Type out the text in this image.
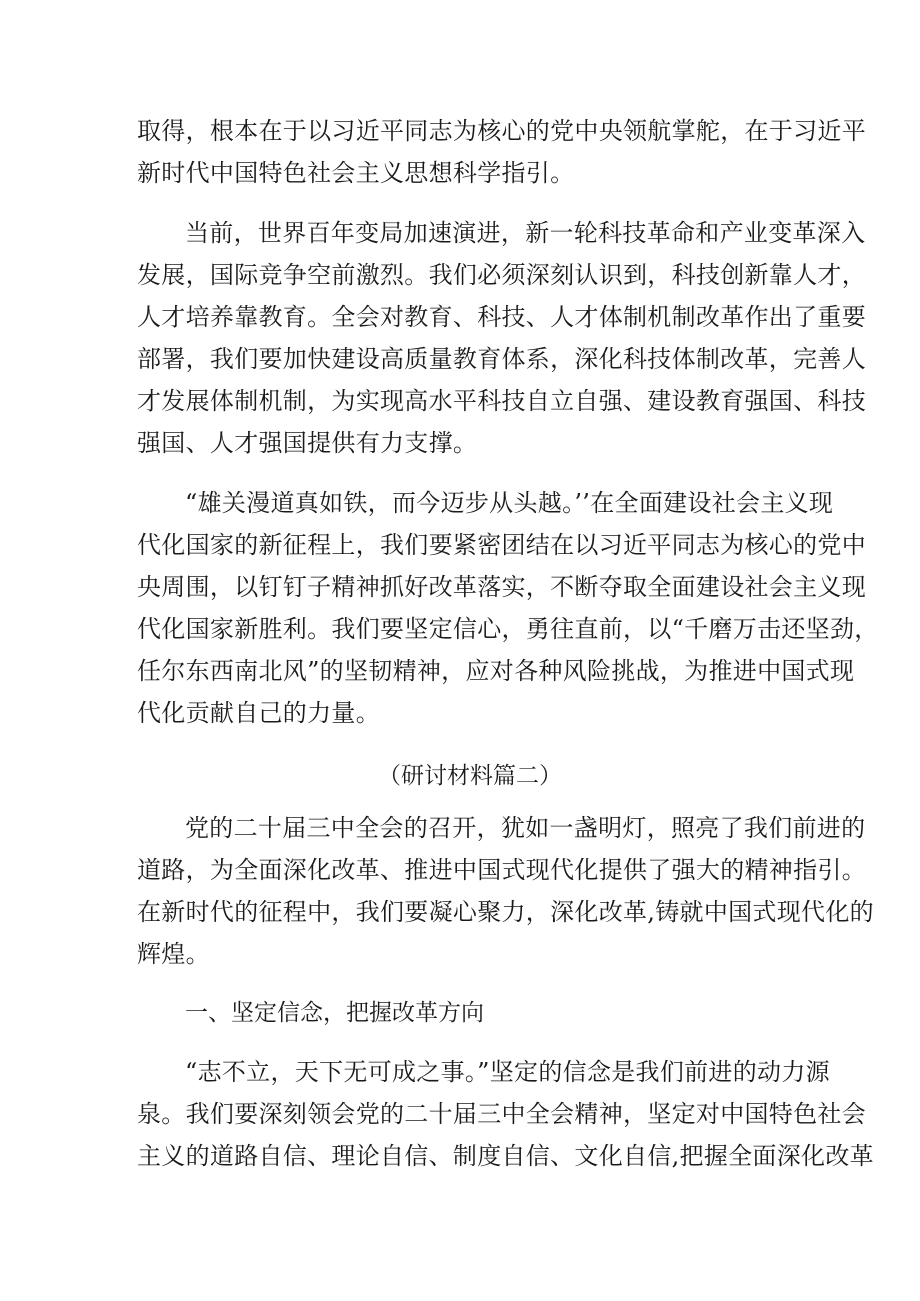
取得，根本在于以习近平同志为核心的党中央领航掌舵，在于习近平
新时代中国特色社会主义思想科学指引。
当前，世界百年变局加速演进，新一轮科技革命和产业变革深入
发展，国际竞争空前激烈。我们必须深刻认识到，科技创新靠人才，
人才培养靠教育。全会对教育、科技、人才体制机制改革作出了重要
部署，我们要加快建设高质量教育体系，深化科技体制改革，完善人
才发展体制机制，为实现高水平科技自立自强、建设教育强国、科技
强国、人才强国提供有力支撑。
“雄关漫道真如铁，而今迈步从头越。’’在全面建设社会主义现
代化国家的新征程上，我们要紧密团结在以习近平同志为核心的党中
央周围，以钉钉子精神抓好改革落实，不断夺取全面建设社会主义现
代化国家新胜利。我们要坚定信心，勇往直前，以“千磨万击还坚劲，
任尔东西南北风”的坚韧精神，应对各种风险挑战，为推进中国式现
代化贡献自己的力量。
（研讨材料篇二）
党的二十届三中全会的召开，犹如一盏明灯，照亮了我们前进的
道路，为全面深化改革、推进中国式现代化提供了强大的精神指引。
在新时代的征程中，我们要凝心聚力，深化改革,铸就中国式现代化的
辉煌。
一、坚定信念，把握改革方向
“志不立，天下无可成之事。”坚定的信念是我们前进的动力源
泉。我们要深刻领会党的二十届三中全会精神，坚定对中国特色社会
主义的道路自信、理论自信、制度自信、文化自信,把握全面深化改革
